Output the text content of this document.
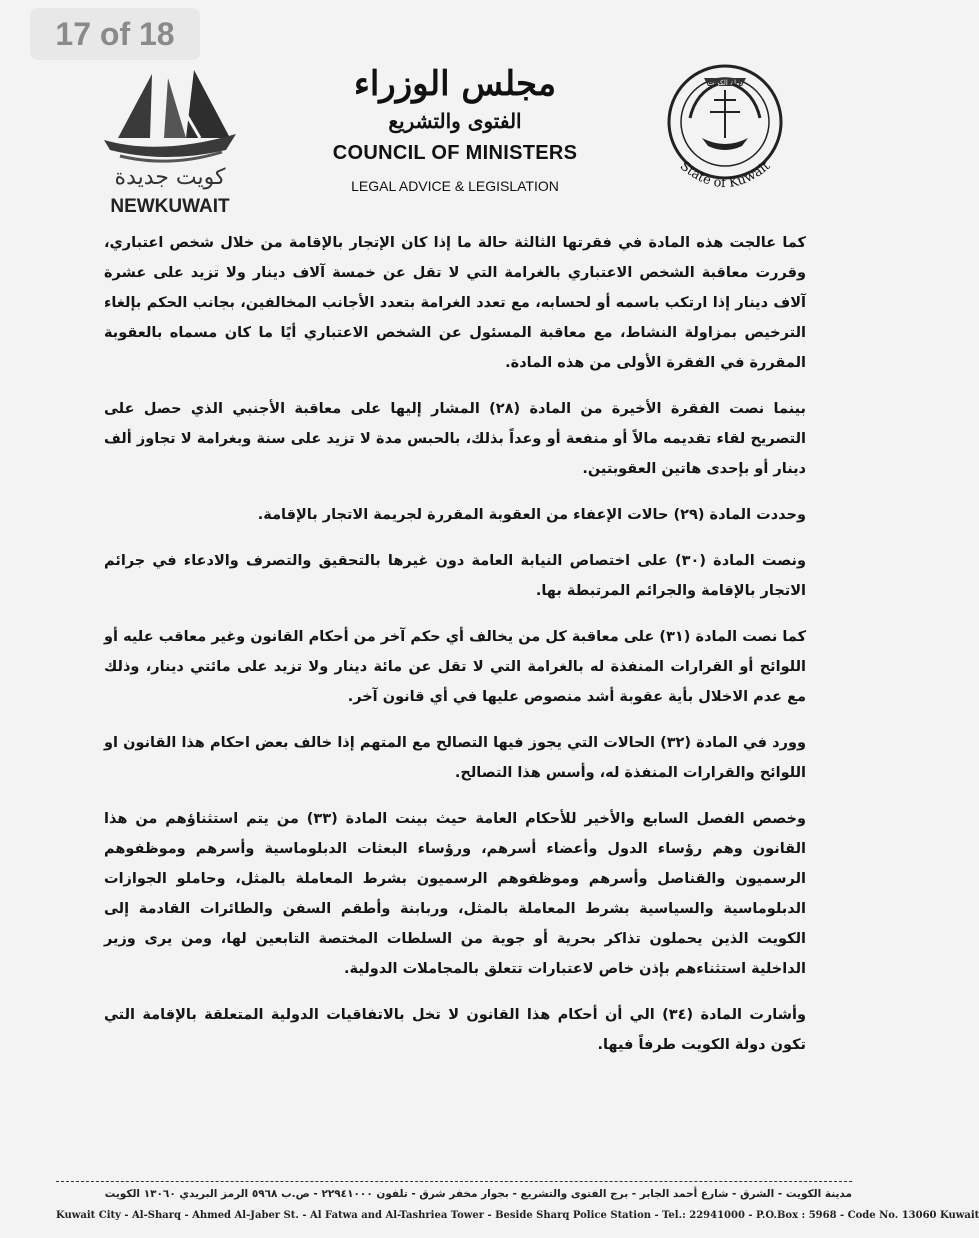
17 of 18
كويت جديدة
NEWKUWAIT
مجلس الوزراء
الفتوى والتشريع
COUNCIL OF MINISTERS
LEGAL ADVICE & LEGISLATION
دولة الكويت
State of Kuwait

كما عالجت هذه المادة في فقرتها الثالثة حالة ما إذا كان الإتجار بالإقامة من خلال شخص اعتباري، وقررت معاقبة الشخص الاعتباري بالغرامة التي لا تقل عن خمسة آلاف دينار ولا تزيد على عشرة آلاف دينار إذا ارتكب باسمه أو لحسابه، مع تعدد الغرامة بتعدد الأجانب المخالفين، بجانب الحكم بإلغاء الترخيص بمزاولة النشاط، مع معاقبة المسئول عن الشخص الاعتباري أيًا ما كان مسماه بالعقوبة المقررة في الفقرة الأولى من هذه المادة.

بينما نصت الفقرة الأخيرة من المادة (٢٨) المشار إليها على معاقبة الأجنبي الذي حصل على التصريح لقاء تقديمه مالاً أو منفعة أو وعداً بذلك، بالحبس مدة لا تزيد على سنة وبغرامة لا تجاوز ألف دينار أو بإحدى هاتين العقوبتين.

وحددت المادة (٢٩) حالات الإعفاء من العقوبة المقررة لجريمة الاتجار بالإقامة.

ونصت المادة (٣٠) على اختصاص النيابة العامة دون غيرها بالتحقيق والتصرف والادعاء في جرائم الاتجار بالإقامة والجرائم المرتبطة بها.

كما نصت المادة (٣١) على معاقبة كل من يخالف أي حكم آخر من أحكام القانون وغير معاقب عليه أو اللوائح أو القرارات المنفذة له بالغرامة التي لا تقل عن مائة دينار ولا تزيد على مائتي دينار، وذلك مع عدم الاخلال بأية عقوبة أشد منصوص عليها في أي قانون آخر.

وورد في المادة (٣٢) الحالات التي يجوز فيها التصالح مع المتهم إذا خالف بعض احكام هذا القانون او اللوائح والقرارات المنفذة له، وأسس هذا التصالح.

وخصص الفصل السابع والأخير للأحكام العامة حيث بينت المادة (٣٣) من يتم استثناؤهم من هذا القانون وهم رؤساء الدول وأعضاء أسرهم، ورؤساء البعثات الدبلوماسية وأسرهم وموظفوهم الرسميون والقناصل وأسرهم وموظفوهم الرسميون بشرط المعاملة بالمثل، وحاملو الجوازات الدبلوماسية والسياسية بشرط المعاملة بالمثل، وربابنة وأطقم السفن والطائرات القادمة إلى الكويت الذين يحملون تذاكر بحرية أو جوية من السلطات المختصة التابعين لها، ومن يرى وزير الداخلية استثناءهم بإذن خاص لاعتبارات تتعلق بالمجاملات الدولية.

وأشارت المادة (٣٤) الي أن أحكام هذا القانون لا تخل بالاتفاقيات الدولية المتعلقة بالإقامة التي تكون دولة الكويت طرفاً فيها.

مدينة الكويت - الشرق - شارع أحمد الجابر - برج الفتوى والتشريع - بجوار مخفر شرق - تلفون ٢٢٩٤١٠٠٠ - ص.ب ٥٩٦٨ الرمز البريدي ١٣٠٦٠ الكويت
Kuwait City - Al-Sharq - Ahmed Al-Jaber St. - Al Fatwa and Al-Tashriea Tower - Beside Sharq Police Station - Tel.: 22941000 - P.O.Box : 5968 - Code No. 13060 Kuwait
